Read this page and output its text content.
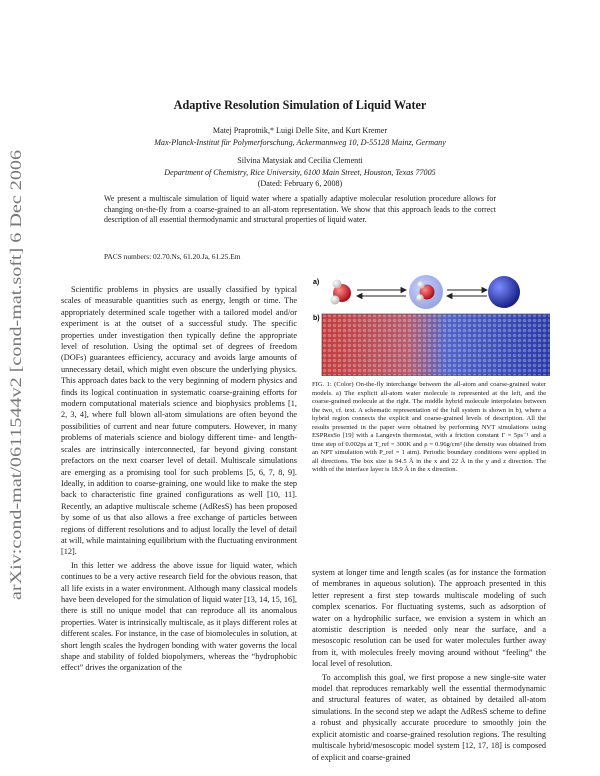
arXiv:cond-mat/0611544v2 [cond-mat.soft] 6 Dec 2006
Adaptive Resolution Simulation of Liquid Water
Matej Praprotnik,* Luigi Delle Site, and Kurt Kremer
Max-Planck-Institut für Polymerforschung, Ackermannweg 10, D-55128 Mainz, Germany
Silvina Matysiak and Cecilia Clementi
Department of Chemistry, Rice University, 6100 Main Street, Houston, Texas 77005
(Dated: February 6, 2008)
We present a multiscale simulation of liquid water where a spatially adaptive molecular resolution procedure allows for changing on-the-fly from a coarse-grained to an all-atom representation. We show that this approach leads to the correct description of all essential thermodynamic and structural properties of liquid water.
PACS numbers: 02.70.Ns, 61.20.Ja, 61.25.Em

Scientific problems in physics are usually classified by typical scales of measurable quantities such as energy, length or time. The appropriately determined scale together with a tailored model and/or experiment is at the outset of a successful study. The specific properties under investigation then typically define the appropriate level of resolution. Using the optimal set of degrees of freedom (DOFs) guarantees efficiency, accuracy and avoids large amounts of unnecessary detail, which might even obscure the underlying physics. This approach dates back to the very beginning of modern physics and finds its logical continuation in systematic coarse-graining efforts for modern computational materials science and biophysics problems [1, 2, 3, 4], where full blown all-atom simulations are often beyond the possibilities of current and near future computers. However, in many problems of materials science and biology different time- and length-scales are intrinsically interconnected, far beyond giving constant prefactors on the next coarser level of detail. Multiscale simulations are emerging as a promising tool for such problems [5, 6, 7, 8, 9]. Ideally, in addition to coarse-graining, one would like to make the step back to characteristic fine grained configurations as well [10, 11]. Recently, an adaptive multiscale scheme (AdResS) has been proposed by some of us that also allows a free exchange of particles between regions of different resolutions and to adjust locally the level of detail at will, while maintaining equilibrium with the fluctuating environment [12].

In this letter we address the above issue for liquid water, which continues to be a very active research field for the obvious reason, that all life exists in a water environment. Although many classical models have been developed for the simulation of liquid water [13, 14, 15, 16], there is still no unique model that can reproduce all its anomalous properties. Water is intrinsically multiscale, as it plays different roles at different scales. For instance, in the case of biomolecules in solution, at short length scales the hydrogen bonding with water governs the local shape and stability of folded biopolymers, whereas the “hydrophobic effect” drives the organization of the

a)
b)
FIG. 1: (Color) On-the-fly interchange between the all-atom and coarse-grained water models. a) The explicit all-atom water molecule is represented at the left, and the coarse-grained molecule at the right. The middle hybrid molecule interpolates between the two, cf. text. A schematic representation of the full system is shown in b), where a hybrid region connects the explicit and coarse-grained levels of description. All the results presented in the paper were obtained by performing NVT simulations using ESPResSo [19] with a Langevin thermostat, with a friction constant Γ = 5ps⁻¹ and a time step of 0.002ps at T_ref = 300K and ρ = 0.96g/cm³ (the density was obtained from an NPT simulation with P_ref = 1 atm). Periodic boundary conditions were applied in all directions. The box size is 94.5 Å in the x and 22 Å in the y and z direction. The width of the interface layer is 18.9 Å in the x direction.

system at longer time and length scales (as for instance the formation of membranes in aqueous solution). The approach presented in this letter represent a first step towards multiscale modeling of such complex scenarios. For fluctuating systems, such as adsorption of water on a hydrophilic surface, we envision a system in which an atomistic description is needed only near the surface, and a mesoscopic resolution can be used for water molecules further away from it, with molecules freely moving around without “feeling” the local level of resolution.

To accomplish this goal, we first propose a new single-site water model that reproduces remarkably well the essential thermodynamic and structural features of water, as obtained by detailed all-atom simulations. In the second step we adapt the AdResS scheme to define a robust and physically accurate procedure to smoothly join the explicit atomistic and coarse-grained resolution regions. The resulting multiscale hybrid/mesoscopic model system [12, 17, 18] is composed of explicit and coarse-grained
